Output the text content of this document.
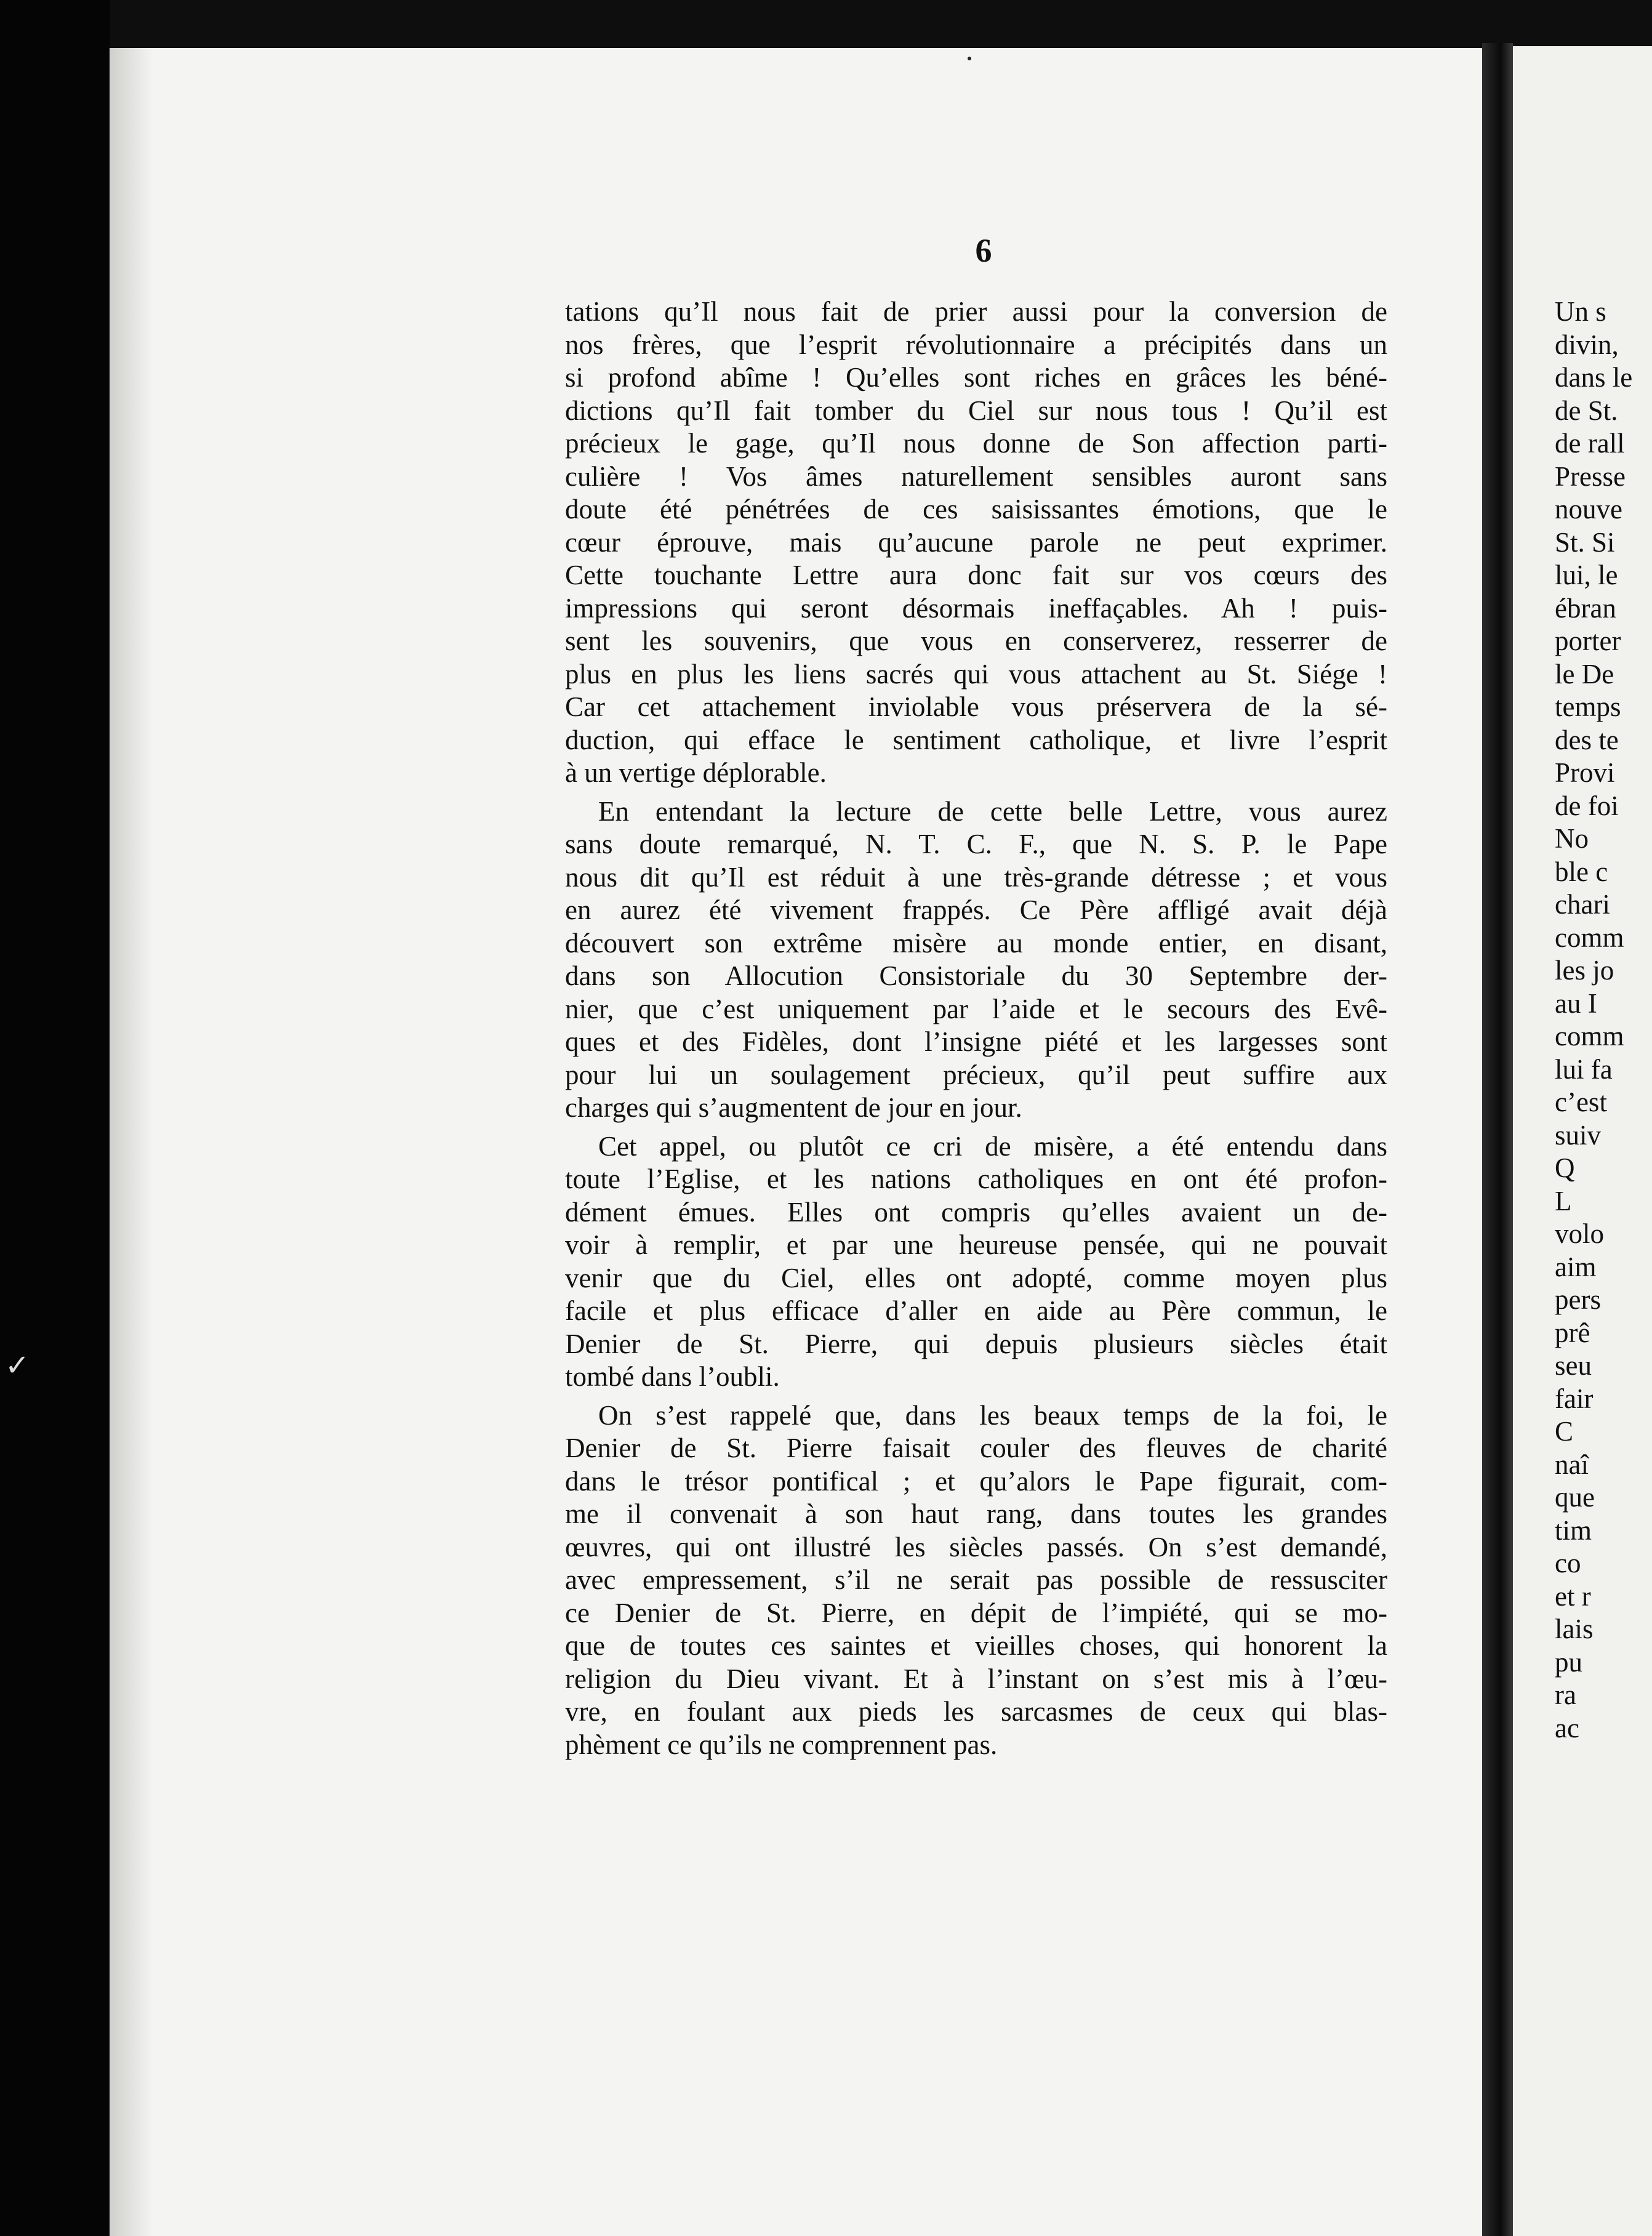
✓
6
tations qu’Il nous fait de prier aussi pour la conversion de
nos frères, que l’esprit révolutionnaire a précipités dans un
si profond abîme ! Qu’elles sont riches en grâces les béné-
dictions qu’Il fait tomber du Ciel sur nous tous ! Qu’il est
précieux le gage, qu’Il nous donne de Son affection parti-
culière ! Vos âmes naturellement sensibles auront sans
doute été pénétrées de ces saisissantes émotions, que le
cœur éprouve, mais qu’aucune parole ne peut exprimer.
Cette touchante Lettre aura donc fait sur vos cœurs des
impressions qui seront désormais ineffaçables. Ah ! puis-
sent les souvenirs, que vous en conserverez, resserrer de
plus en plus les liens sacrés qui vous attachent au St. Siége !
Car cet attachement inviolable vous préservera de la sé-
duction, qui efface le sentiment catholique, et livre l’esprit
à un vertige déplorable.
En entendant la lecture de cette belle Lettre, vous aurez
sans doute remarqué, N. T. C. F., que N. S. P. le Pape
nous dit qu’Il est réduit à une très-grande détresse ; et vous
en aurez été vivement frappés. Ce Père affligé avait déjà
découvert son extrême misère au monde entier, en disant,
dans son Allocution Consistoriale du 30 Septembre der-
nier, que c’est uniquement par l’aide et le secours des Evê-
ques et des Fidèles, dont l’insigne piété et les largesses sont
pour lui un soulagement précieux, qu’il peut suffire aux
charges qui s’augmentent de jour en jour.
Cet appel, ou plutôt ce cri de misère, a été entendu dans
toute l’Eglise, et les nations catholiques en ont été profon-
dément émues. Elles ont compris qu’elles avaient un de-
voir à remplir, et par une heureuse pensée, qui ne pouvait
venir que du Ciel, elles ont adopté, comme moyen plus
facile et plus efficace d’aller en aide au Père commun, le
Denier de St. Pierre, qui depuis plusieurs siècles était
tombé dans l’oubli.
On s’est rappelé que, dans les beaux temps de la foi, le
Denier de St. Pierre faisait couler des fleuves de charité
dans le trésor pontifical ; et qu’alors le Pape figurait, com-
me il convenait à son haut rang, dans toutes les grandes
œuvres, qui ont illustré les siècles passés. On s’est demandé,
avec empressement, s’il ne serait pas possible de ressusciter
ce Denier de St. Pierre, en dépit de l’impiété, qui se mo-
que de toutes ces saintes et vieilles choses, qui honorent la
religion du Dieu vivant. Et à l’instant on s’est mis à l’œu-
vre, en foulant aux pieds les sarcasmes de ceux qui blas-
phèment ce qu’ils ne comprennent pas.
Un s
divin,
dans le
de St.
de rall
Presse
nouve
St. Si
lui, le
ébran
porter
le De
temps
des te
Provi
de foi
No
ble c
chari
comm
les jo
au I
comm
lui fa
c’est
suiv
Q
L
volo
aim
pers
prê
seu
fair
C
naî
que
tim
co
et r
lais
pu
ra
ac
